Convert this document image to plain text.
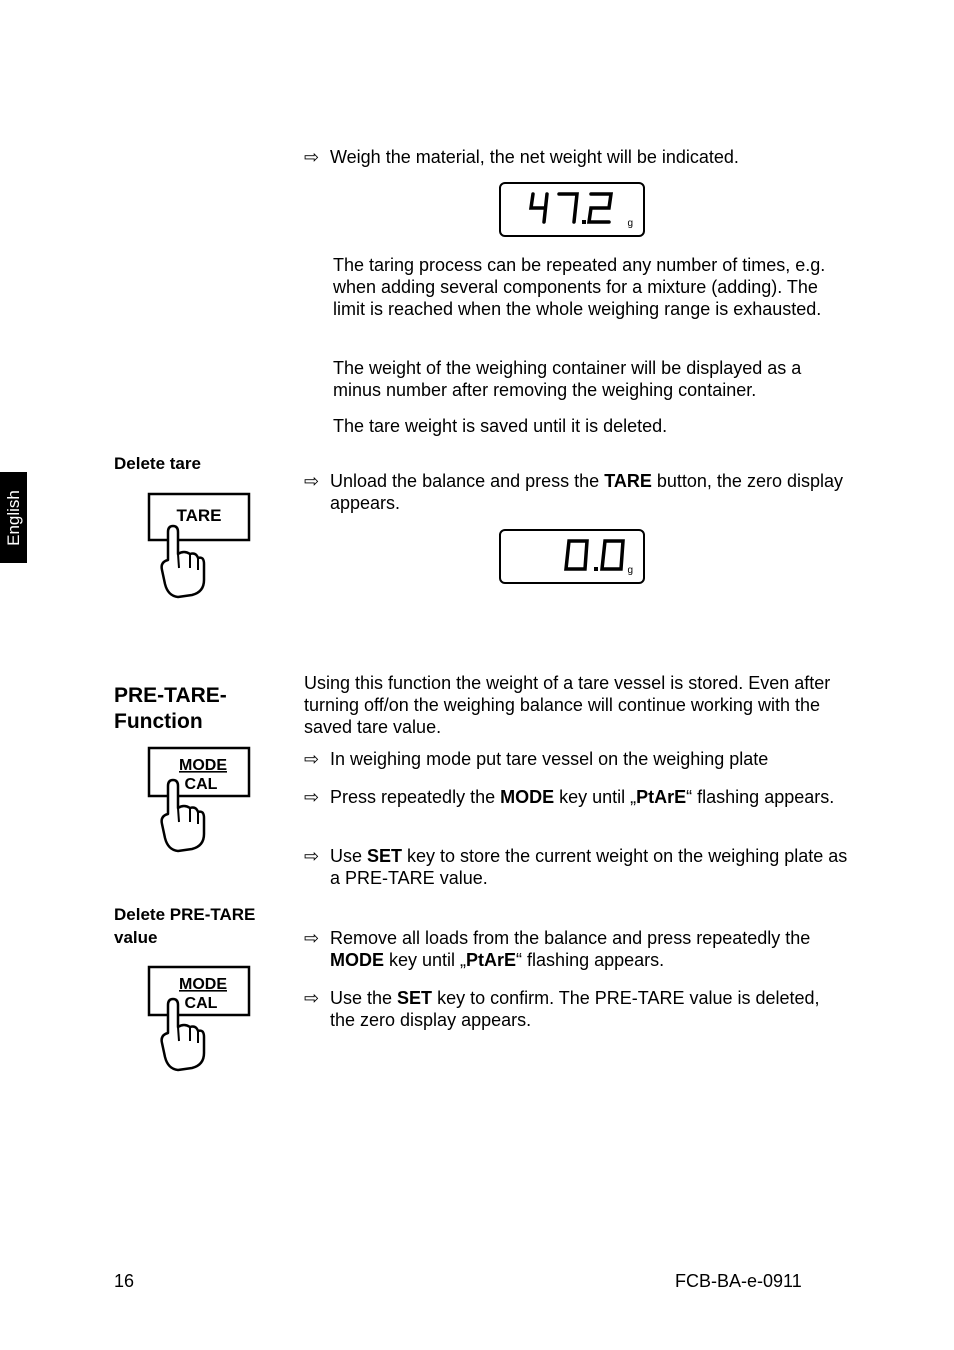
English
⇨ Weigh the material, the net weight will be indicated.
g

The taring process can be repeated any number of times, e.g. when adding several components for a mixture (adding). The limit is reached when the whole weighing range is exhausted.

The weight of the weighing container will be displayed as a minus number after removing the weighing container.

The tare weight is saved until it is deleted.

Delete tare
TARE
⇨ Unload the balance and press the TARE button, the zero display appears.
g
PRE-TARE-
Function

Using this function the weight of a tare vessel is stored. Even after turning off/on the weighing balance will continue working with the saved tare value.

MODE
CAL
⇨ In weighing mode put tare vessel on the weighing plate
⇨ Press repeatedly the MODE key until „PtArE“ flashing appears.
⇨ Use SET key to store the current weight on the weighing plate as a PRE-TARE value.
Delete PRE-TARE
value
MODE
CAL
⇨ Remove all loads from the balance and press repeatedly the MODE key until „PtArE“ flashing appears.
⇨ Use the SET key to confirm. The PRE-TARE value is deleted, the zero display appears.
16	FCB-BA-e-0911
